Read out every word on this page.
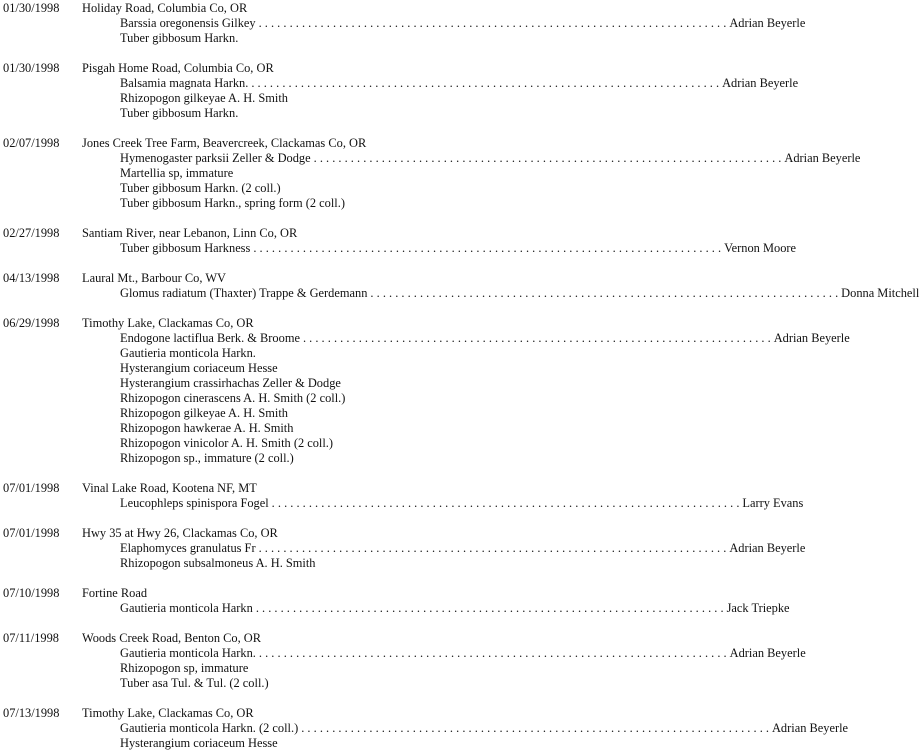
01/30/1998	Holiday Road, Columbia Co, OR
Barssia oregonensis Gilkey . . .	Adrian Beyerle
Tuber gibbosum Harkn.
01/30/1998	Pisgah Home Road, Columbia Co, OR
Balsamia magnata Harkn. . . .	Adrian Beyerle
Rhizopogon gilkeyae A. H. Smith
Tuber gibbosum Harkn.
02/07/1998	Jones Creek Tree Farm, Beavercreek, Clackamas Co, OR
Hymenogaster parksii Zeller & Dodge . . .	Adrian Beyerle
Martellia sp, immature
Tuber gibbosum Harkn. (2 coll.)
Tuber gibbosum Harkn., spring form (2 coll.)
02/27/1998	Santiam River, near Lebanon, Linn Co, OR
Tuber gibbosum Harkness . . .	Vernon Moore
04/13/1998	Laural Mt., Barbour Co, WV
Glomus radiatum (Thaxter) Trappe & Gerdemann . . .	Donna Mitchell
06/29/1998	Timothy Lake, Clackamas Co, OR
Endogone lactiflua Berk. & Broome . . .	Adrian Beyerle
Gautieria monticola Harkn.
Hysterangium coriaceum Hesse
Hysterangium crassirhachas Zeller & Dodge
Rhizopogon cinerascens A. H. Smith (2 coll.)
Rhizopogon gilkeyae A. H. Smith
Rhizopogon hawkerae A. H. Smith
Rhizopogon vinicolor A. H. Smith (2 coll.)
Rhizopogon sp., immature (2 coll.)
07/01/1998	Vinal Lake Road, Kootena NF, MT
Leucophleps spinispora Fogel . . .	Larry Evans
07/01/1998	Hwy 35 at Hwy 26, Clackamas Co, OR
Elaphomyces granulatus Fr . . .	Adrian Beyerle
Rhizopogon subsalmoneus A. H. Smith
07/10/1998	Fortine Road
Gautieria monticola Harkn . . .	Jack Triepke
07/11/1998	Woods Creek Road, Benton Co, OR
Gautieria monticola Harkn. . . .	Adrian Beyerle
Rhizopogon sp, immature
Tuber asa Tul. & Tul. (2 coll.)
07/13/1998	Timothy Lake, Clackamas Co, OR
Gautieria monticola Harkn. (2 coll.) . . .	Adrian Beyerle
Hysterangium coriaceum Hesse
